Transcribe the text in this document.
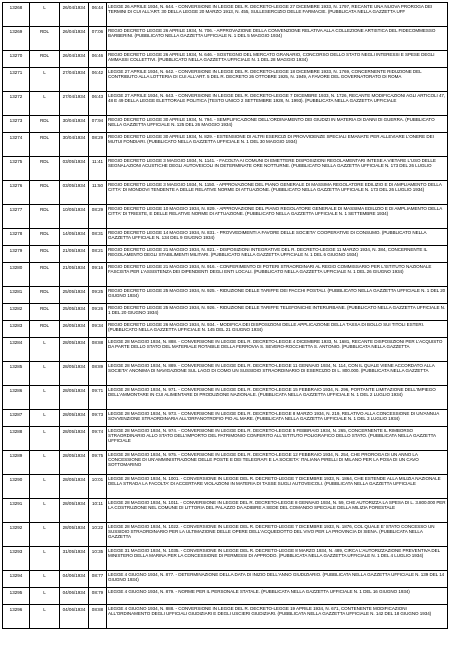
13268	L	26/04/1934	06:44	LEGGE 26 APRILE 1934, N. 644. - CONVERSIONE IN LEGGE DEL R. DECRETO-LEGGE 27 DICEMBRE 1933, N. 1797, RECANTE UNA NUOVA PROROGA DEI TERMINI DI CUI ALL'ART. 30 DELLA LEGGE 20 MARZO 1913, N. 455, SULLESERCIZIO DELLE FARMACIE. (PUBBLICATA NELLA GAZZETTA UFF
13269	RDL	26/04/1934	07:06	REGIO DECRETO LEGGE 26 APRILE 1934, N. 706. - APPROVAZIONE DELLA CONVENZIONE RELATIVA ALLA COLLEZIONE ARTISTICA DEL FIDECOMMESSO BARBERINI. (PUBBLICATO NELLA GAZZETTA UFFICIALE N. 1 DEL 5 MAGGIO 1934)
13270	RDL	26/04/1934	06:46	REGIO DECRETO LEGGE 26 APRILE 1934, N. 646. - SOSTEGNO DEL MERCATO GRANARIO, CONCORSO DELLO STATO NEGLI INTERESSI E SPESE DEGLI AMMASSI COLLETTIVI. (PUBBLICATO NELLA GAZZETTA UFFICIALE N. 1 DEL 28 MAGGIO 1934)
13271	L	27/04/1934	06:42	LEGGE 27 APRILE 1934, N. 642. - CONVERSIONE IN LEGGE DEL R. DECRETO-LEGGE 18 DICEMBRE 1933, N. 1769, CONCERNENTE RIDUZIONE DEL CONTRIBUTO ALLA LOTTERIA DI CUI ALL'ART. 5 DEL R. DECRETO 26 OTTOBRE 1925, N. 1949, A FAVORE DEL GOVERNATORATO DI ROMA
13272	L	27/04/1934	06:43	LEGGE 27 APRILE 1934, N. 643. - CONVERSIONE IN LEGGE DEL R. DECRETO-LEGGE 7 DICEMBRE 1933, N. 1726, RECANTE MODIFICAZIONI AGLI ARTICOLI 47, 48 E 49 DELLA LEGGE ELETTORALE POLITICA (TESTO UNICO 2 SETTEMBRE 1928, N. 1993). (PUBBLICATA NELLA GAZZETTA UFFICIALE
13273	RDL	30/04/1934	07:94	REGIO DECRETO LEGGE 30 APRILE 1934, N. 794. - SEMPLIFICAZIONE DELL'ORDINAMENTO DEI GIUDIZI IN MATERIA DI DANNI DI GUERRA. (PUBBLICATO NELLA GAZZETTA UFFICIALE N. 125 DEL 26 MAGGIO 1934)
13274	RDL	30/04/1934	08:29	REGIO DECRETO LEGGE 30 APRILE 1934, N. 829. - ESTENSIONE DI ALTRI ESERCIZI DI PROVVIDENZE SPECIALI EMANATE PER ALLEVIARE L'ONERE DEI MUTUI FONDIARI. (PUBBLICATO NELLA GAZZETTA UFFICIALE N. 1 DEL 30 MAGGIO 1934)
13275	RDL	03/05/1934	11:41	REGIO DECRETO LEGGE 3 MAGGIO 1934, N. 1141. - FACOLTA AI COMUNI DI EMETTERE DISPOSIZIONI REGOLAMENTARI INTESE A VIETARE L'USO DELLE SEGNALAZIONI ACUSTICHE DEGLI AUTOVEICOLI IN DETERMINATE ORE NOTTURNE. (PUBBLICATO NELLA GAZZETTA UFFICIALE N. 173 DEL 26 LUGLIO
13276	RDL	03/05/1934	11:50	REGIO DECRETO LEGGE 3 MAGGIO 1934, N. 1150. - APPROVAZIONE DEL PIANO GENERALE DI MASSIMA REGOLATORE EDILIZIO E DI AMPLIAMENTO DELLA CITTA' DI MONDOVI TENDENTE A DELLE RELATIVE NORME DI ATTUAZIONE. (PUBBLICATO NELLA GAZZETTA UFFICIALE N. 173 DEL 26 LUGLIO 1934)
13277	RDL	10/05/1934	08:29	REGIO DECRETO LEGGE 10 MAGGIO 1934, N. 829. - APPROVAZIONE DEL PIANO REGOLATORE GENERALE DI MASSIMA EDILIZIO E DI AMPLIAMENTO DELLA CITTA' DI TRIESTE, E DELLE RELATIVE NORME DI ATTUAZIONE. (PUBBLICATO NELLA GAZZETTA UFFICIALE N. 1 SETTEMBRE 1934)
13278	RDL	14/05/1934	08:31	REGIO DECRETO LEGGE 14 MAGGIO 1934, N. 831. - PROVVEDIMENTI A FAVORE DELLE SOCIETA' COOPERATIVE DI CONSUMO. (PUBBLICATO NELLA GAZZETTA UFFICIALE N. 134 DEL 9 GIUGNO 1934)
13279	RDL	21/05/1934	08:21	REGIO DECRETO LEGGE 21 MAGGIO 1934, N. 821. - DISPOSIZIONI INTEGRATIVE DEL R. DECRETO-LEGGE 11 MARZO 1934, N. 384, CONCERNENTE IL REGOLAMENTO DEGLI STABILIMENTI MILITARI. (PUBBLICATO NELLA GAZZETTA UFFICIALE N. 1 DEL 6 GIUGNO 1934)
13280	RDL	21/05/1934	09:16	REGIO DECRETO LEGGE 21 MAGGIO 1934, N. 916. - CONFERIMENTO DI POTERI STRAORDINARI AL REGIO COMMISSARIO PER L'ISTITUTO NAZIONALE FASCISTA PER L'ASSISTENZA DEI DIPENDENTI DEGLI ENTI LOCALI. (PUBBLICATO NELLA GAZZETTA UFFICIALE N. 1 DEL 26 GIUGNO 1934)
13281	RDL	25/05/1934	09:25	REGIO DECRETO LEGGE 25 MAGGIO 1934, N. 925. - RIDUZIONE DELLE TARIFFE DEI PACCHI POSTALI. (PUBBLICATO NELLA GAZZETTA UFFICIALE N. 1 DEL 20 GIUGNO 1934)
13282	RDL	25/05/1934	09:26	REGIO DECRETO LEGGE 25 MAGGIO 1934, N. 926. - RIDUZIONE DELLE TARIFFE TELEFONICHE INTERURBANE. (PUBBLICATO NELLA GAZZETTA UFFICIALE N. 1 DEL 20 GIUGNO 1934)
13283	RDL	26/05/1934	09:34	REGIO DECRETO LEGGE 26 MAGGIO 1934, N. 934. - MODIFICA DEI DISPOSIZIONI DELLE APPLICAZIONE DELLA TASSA DI BOLLO SUI TITOLI ESTERI. (PUBBLICATO NELLA GAZZETTA UFFICIALE N. 145 DEL 21 GIUGNO 1934)
13284	L	28/05/1934	08:88	LEGGE 28 MAGGIO 1934, N. 888. - CONVERSIONE IN LEGGE DEL R. DECRETO-LEGGE 4 DICEMBRE 1933, N. 1681, RECANTE DISPOSIZIONI PER L'ACQUISTO DA PARTE DELLO STATO DEL MATERIALE ROTABILE DELLA FERROVIA S. SEVERO-ROCCHETTA S. ANTONIO. (PUBBLICATA NELLA GAZZETTA
13285	L	28/05/1934	08:89	LEGGE 28 MAGGIO 1934, N. 889. - CONVERSIONE IN LEGGE DEL R. DECRETO-LEGGE 11 GENNAIO 1934, N. 114, CON IL QUALE VIENE ACCORDATO ALLA SOCIETA' ANONIMA DI NAVIGAZIONE SUL LAGO DI COMO UN SUSSIDIO STRAORDINARIO DI ESERCIZIO DI L. 800.000. (PUBBLICATA NELLA GAZZETTA
13286	L	28/05/1934	09:71	LEGGE 28 MAGGIO 1934, N. 971. - CONVERSIONE IN LEGGE DEL R. DECRETO-LEGGE 15 FEBBRAIO 1934, N. 296, PORTANTE LIMITAZIONE DELL'IMPIEGO DELL'AMMONTARE IN CUI ALIMENTARE DI PRODUZIONE NAZIONALE. (PUBBLICATA NELLA GAZZETTA UFFICIALE N. 1 DEL 2 LUGLIO 1934)
13287	L	28/05/1934	09:73	LEGGE 28 MAGGIO 1934, N. 973. - CONVERSIONE IN LEGGE DEL R. DECRETO-LEGGE 8 MARZO 1934, N. 219, RELATIVO ALLA CONCESSIONE DI UN'ANNUA SOVVENZIONE STRAORDINARIA ALL'ORFANOTROFIO PIO AL MARE. (PUBBLICATA NELLA GAZZETTA UFFICIALE N. 1 DEL 3 LUGLIO 1934)
13288	L	28/05/1934	09:74	LEGGE 28 MAGGIO 1934, N. 974. - CONVERSIONE IN LEGGE DEL R. DECRETO-LEGGE 5 FEBBRAIO 1934, N. 265, CONCERNENTE IL RIMBORSO STRAORDINARIO ALLO STATO DELL'IMPORTO DEL PATRIMONIO CONFERITO ALL'ISTITUTO POLIGRAFICO DELLO STATO. (PUBBLICATA NELLA GAZZETTA UFFICIALE
13289	L	28/05/1934	09:75	LEGGE 28 MAGGIO 1934, N. 975. - CONVERSIONE IN LEGGE DEL R. DECRETO-LEGGE 12 FEBBRAIO 1934, N. 254, CHE PROROGA DI UN ANNO LA CONCESSIONE DI UN'AMMINISTRAZIONE DELLE POSTE E DEI TELEGRAFI E LA SOCIETA' ITALIANA PIRELLI DI MILANO PER LA POSA DI UN CAVO SOTTOMARINO
13290	L	28/05/1934	10:01	LEGGE 28 MAGGIO 1934, N. 1001. - CONVERSIONE IN LEGGE DEL R. DECRETO-LEGGE 7 DICEMBRE 1933, N. 1864, CHE ESTENDE ALLA MILIZIA NAZIONALE DELLA STRADA LA FACOLTA' DI ACCERTARE VIOLAZIONI IN MATERIA DI TASSE SUGLI AUTOVEICOLI. (PUBBLICATA NELLA GAZZETTA UFFICIALE
13291	L	28/05/1934	10:11	LEGGE 28 MAGGIO 1934, N. 1011. - CONVERSIONE IN LEGGE DEL R. DECRETO-LEGGE 8 GENNAIO 1934, N. 59, CHE AUTORIZZA LA SPESA DI L. 3.800.000 PER LA COSTRUZIONE NEL COMUNE DI LITTORIA DEL PALAZZO DA ADIBIRE A SEDE DEL COMANDO SPECIALE DELLA MILIZIA FORESTALE
13292	L	28/05/1934	10:22	LEGGE 28 MAGGIO 1934, N. 1022. - CONVERSIONE IN LEGGE DEL R. DECRETO-LEGGE 7 DICEMBRE 1933, N. 1876, COL QUALE E' STATO CONCESSO UN SUSSIDIO STRAORDINARIO PER LA ULTIMAZIONE DELLE OPERE DELL'ACQUEDOTTO DEL VIVO PER LA PROVINCIA DI SIENA. (PUBBLICATA NELLA GAZZETTA
13293	L	31/05/1934	10:35	LEGGE 31 MAGGIO 1934, N. 1035. - CONVERSIONE IN LEGGE DEL R. DECRETO-LEGGE 8 MARZO 1934, N. 489, CIRCA L'AUTORIZZAZIONE PREVENTIVA DEL MINISTERO DELLA MARINA PER LA CONCESSIONE DI PERMESSI DI APPRODO. (PUBBLICATA NELLA GAZZETTA UFFICIALE N. 1 DEL 4 LUGLIO 1934)
13294	L	04/06/1934	08:77	LEGGE 4 GIUGNO 1934, N. 877. - DETERMINAZIONE DELLA DATA DI INIZIO DELL'ANNO GIUDIZIARIO. (PUBBLICATA NELLA GAZZETTA UFFICIALE N. 139 DEL 14 GIUGNO 1934)
13295	L	04/06/1934	08:79	LEGGE 4 GIUGNO 1934, N. 879. - NORME PER IL PERSONALE STATALE. (PUBBLICATA NELLA GAZZETTA UFFICIALE N. 1 DEL 16 GIUGNO 1934)
13296	L	04/06/1934	08:88	LEGGE 4 GIUGNO 1934, N. 888. - CONVERSIONE IN LEGGE DEL R. DECRETO-LEGGE 19 APRILE 1934, N. 671, CONTENENTE MODIFICAZIONI ALL'ORDINAMENTO DEGLI UFFICIALI GIUDIZIARI E DEGLI USCIERI GIUDIZIARI. (PUBBLICATA NELLA GAZZETTA UFFICIALE N. 142 DEL 18 GIUGNO 1934)
